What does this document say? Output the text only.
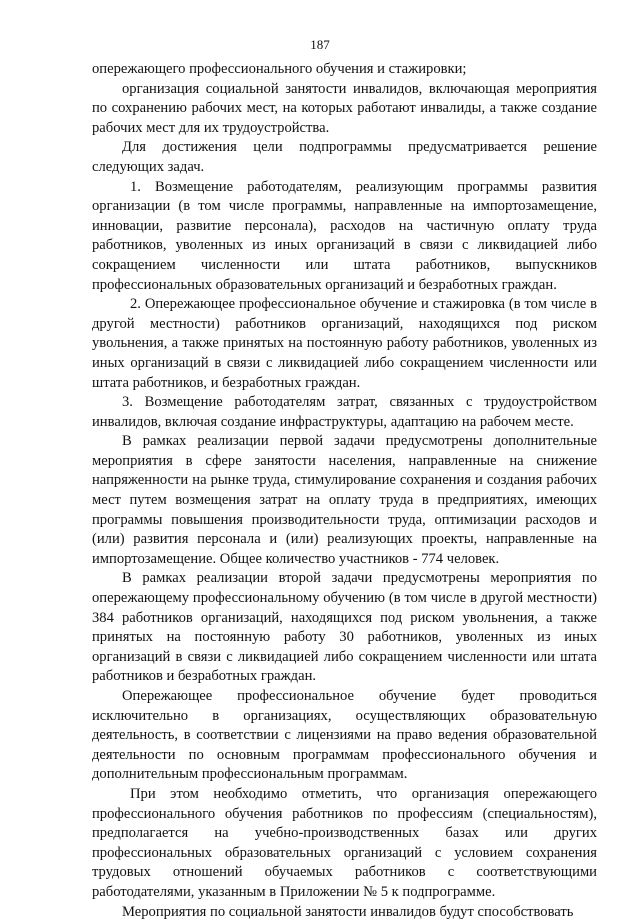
187

опережающего профессионального обучения и стажировки;

организация социальной занятости инвалидов, включающая мероприятия по сохранению рабочих мест, на которых работают инвалиды, а также создание рабочих мест для их трудоустройства.

Для достижения цели подпрограммы предусматривается решение следующих задач.

1. Возмещение работодателям, реализующим программы развития организации (в том числе программы, направленные на импортозамещение, инновации, развитие персонала), расходов на частичную оплату труда работников, уволенных из иных организаций в связи с ликвидацией либо сокращением численности или штата работников, выпускников профессиональных образовательных организаций и безработных граждан.

2. Опережающее профессиональное обучение и стажировка (в том числе в другой местности) работников организаций, находящихся под риском увольнения, а также принятых на постоянную работу работников, уволенных из иных организаций в связи с ликвидацией либо сокращением численности или штата работников, и безработных граждан.

3. Возмещение работодателям затрат, связанных с трудоустройством инвалидов, включая создание инфраструктуры, адаптацию на рабочем месте.

В рамках реализации первой задачи предусмотрены дополнительные мероприятия в сфере занятости населения, направленные на снижение напряженности на рынке труда, стимулирование сохранения и создания рабочих мест путем возмещения затрат на оплату труда в предприятиях, имеющих программы повышения производительности труда, оптимизации расходов и (или) развития персонала и (или) реализующих проекты, направленные на импортозамещение. Общее количество участников - 774 человек.

В рамках реализации второй задачи предусмотрены мероприятия по опережающему профессиональному обучению (в том числе в другой местности) 384 работников организаций, находящихся под риском увольнения, а также принятых на постоянную работу 30 работников, уволенных из иных организаций в связи с ликвидацией либо сокращением численности или штата работников и безработных граждан.

Опережающее профессиональное обучение будет проводиться исключительно в организациях, осуществляющих образовательную деятельность, в соответствии с лицензиями на право ведения образовательной деятельности по основным программам профессионального обучения и дополнительным профессиональным программам.

При этом необходимо отметить, что организация опережающего профессионального обучения работников по профессиям (специальностям), предполагается на учебно-производственных базах или других профессиональных образовательных организаций с условием сохранения трудовых отношений обучаемых работников с соответствующими работодателями, указанным в Приложении № 5 к подпрограмме.

Мероприятия по социальной занятости инвалидов будут способствовать
